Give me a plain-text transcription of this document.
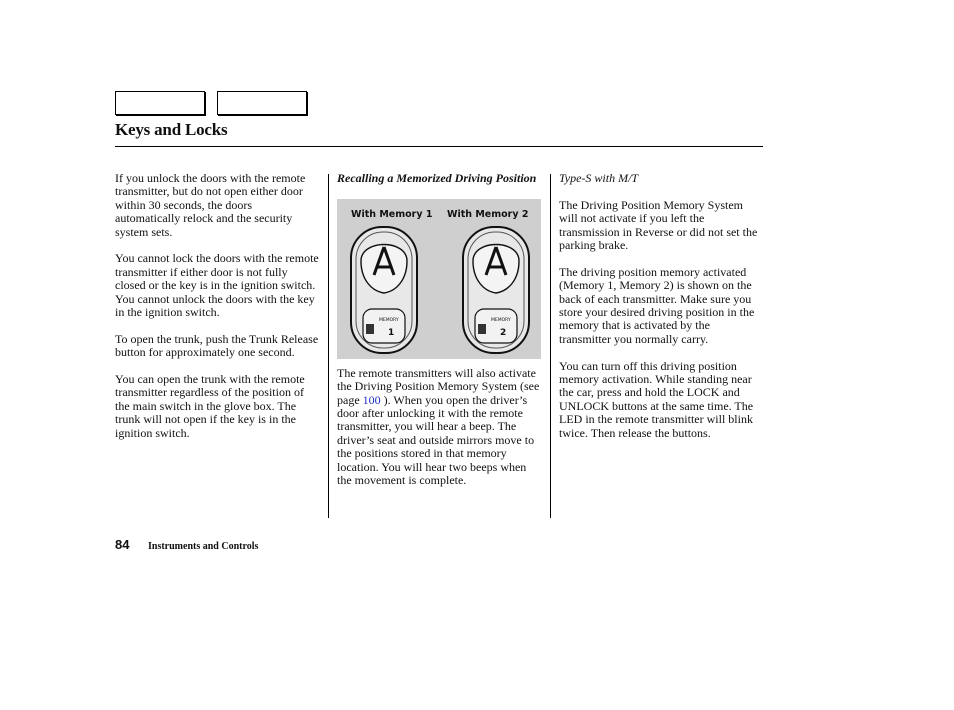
Keys and Locks

If you unlock the doors with the remote transmitter, but do not open either door within 30 seconds, the doors automatically relock and the security system sets.

You cannot lock the doors with the remote transmitter if either door is not fully closed or the key is in the ignition switch. You cannot unlock the doors with the key in the ignition switch.

To open the trunk, push the Trunk Release button for approximately one second.

You can open the trunk with the remote transmitter regardless of the position of the main switch in the glove box. The trunk will not open if the key is in the ignition switch.

Recalling a Memorized Driving Position

With Memory 1 With Memory 2
MEMORY
1
MEMORY
2

The remote transmitters will also activate the Driving Position Memory System (see page 100 ). When you open the driver’s door after unlocking it with the remote transmitter, you will hear a beep. The driver’s seat and outside mirrors move to the positions stored in that memory location. You will hear two beeps when the movement is complete.

Type-S with M/T

The Driving Position Memory System will not activate if you left the transmission in Reverse or did not set the parking brake.

The driving position memory activated (Memory 1, Memory 2) is shown on the back of each transmitter. Make sure you store your desired driving position in the memory that is activated by the transmitter you normally carry.

You can turn off this driving position memory activation. While standing near the car, press and hold the LOCK and UNLOCK buttons at the same time. The LED in the remote transmitter will blink twice. Then release the buttons.

84 Instruments and Controls
